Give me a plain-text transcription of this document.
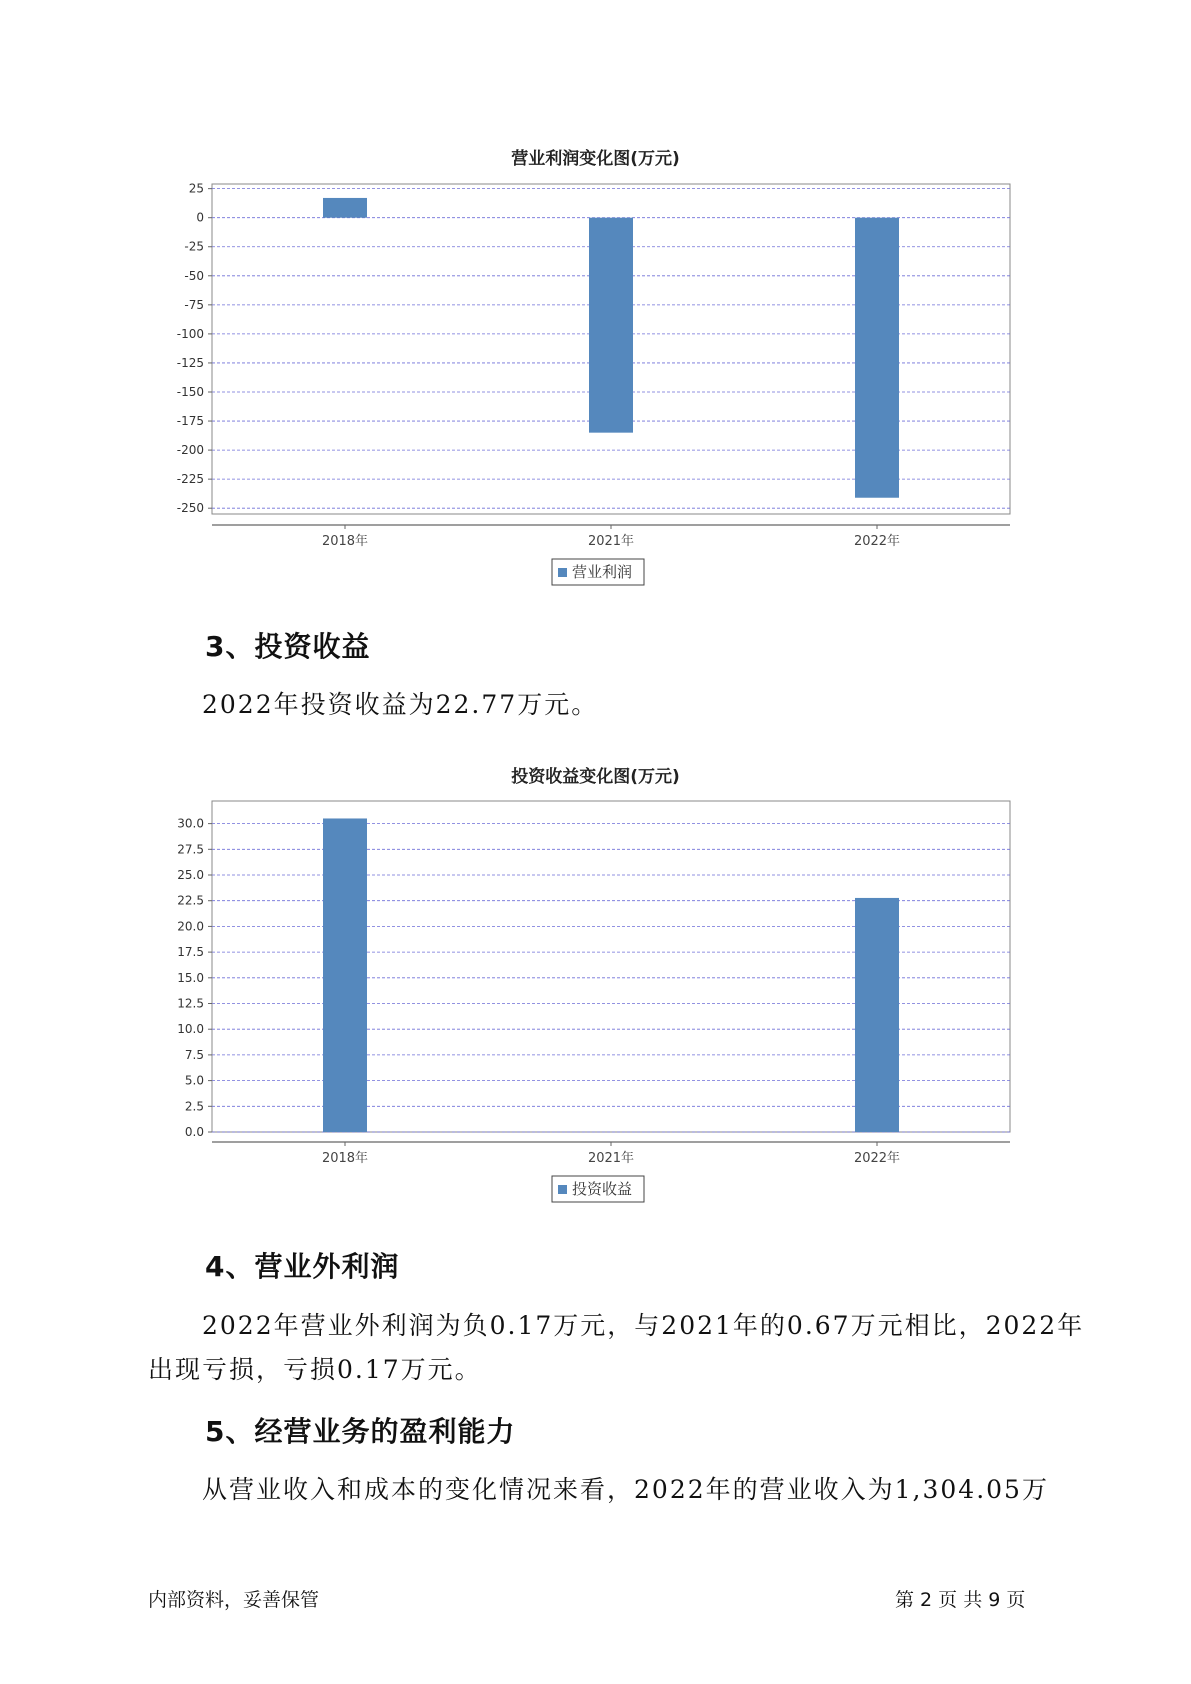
营业利润变化图(万元)
25
0
-25
-50
-75
-100
-125
-150
-175
-200
-225
-250
2018年	2021年	2022年
营业利润
3、投资收益
2022年投资收益为22.77万元。
投资收益变化图(万元)
30.0
27.5
25.0
22.5
20.0
17.5
15.0
12.5
10.0
7.5
5.0
2.5
0.0
2018年	2021年	2022年
投资收益
4、营业外利润
2022年营业外利润为负0.17万元，与2021年的0.67万元相比，2022年
出现亏损，亏损0.17万元。
5、经营业务的盈利能力
从营业收入和成本的变化情况来看，2022年的营业收入为1,304.05万
内部资料，妥善保管	第 2 页 共 9 页
